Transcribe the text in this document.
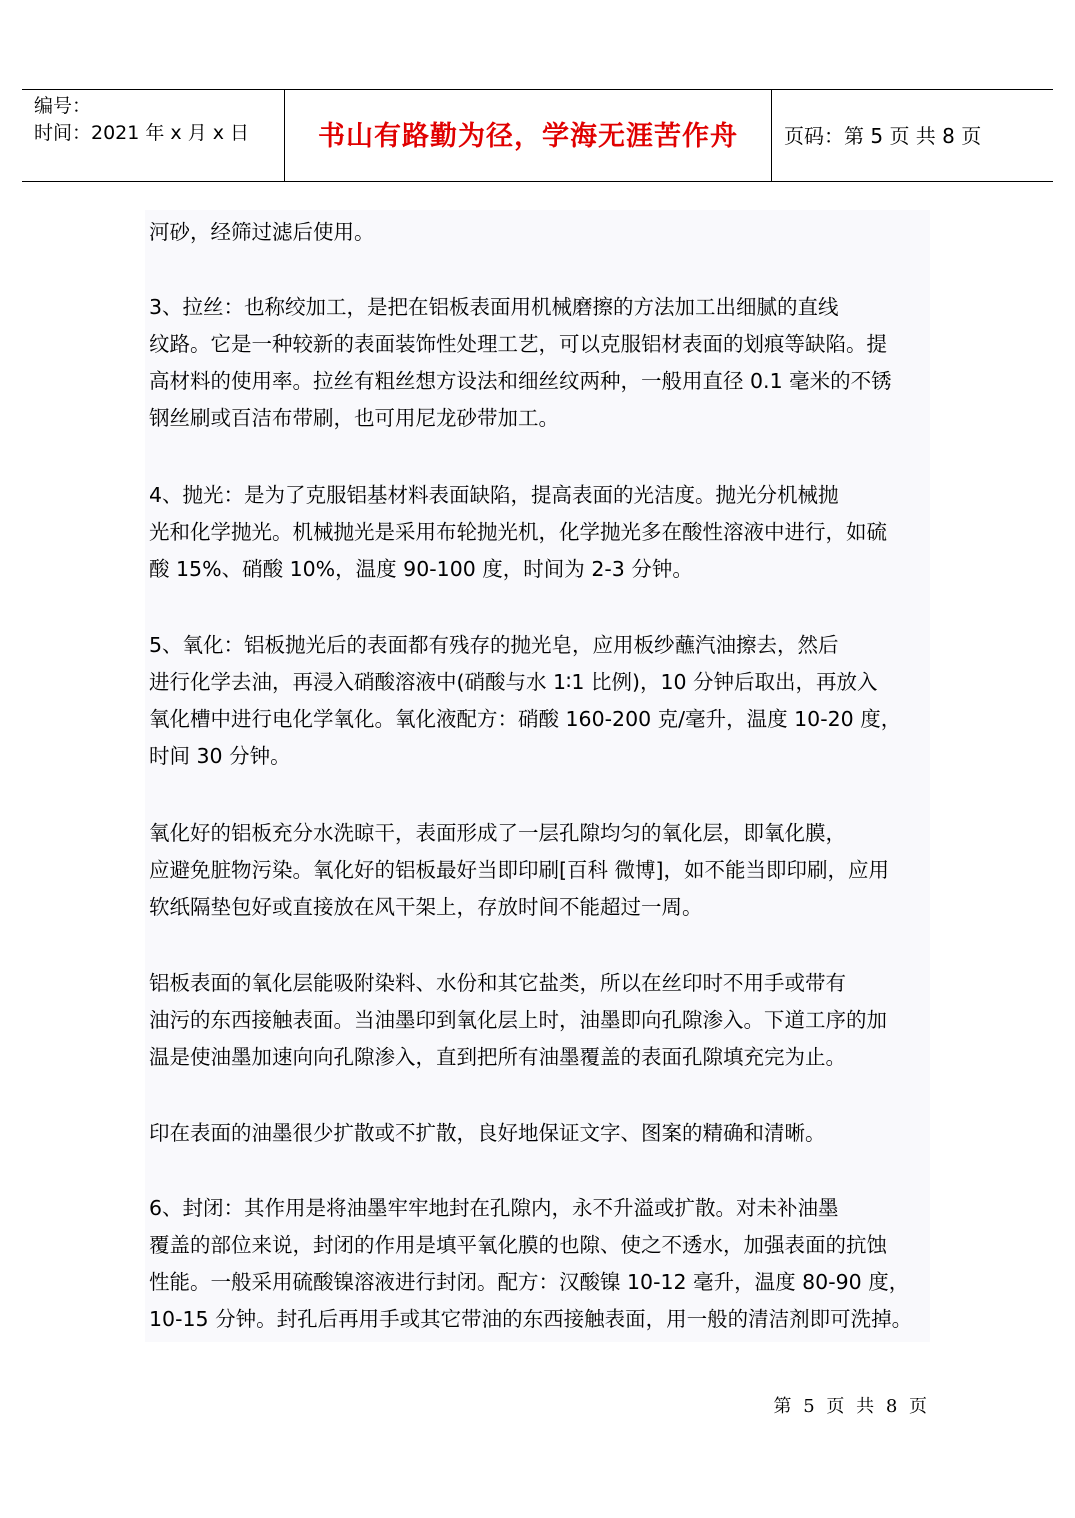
编号：
时间：2021 年 x 月 x 日	书山有路勤为径，学海无涯苦作舟	页码：第 5 页 共 8 页
河砂，经筛过滤后使用。
3、拉丝：也称绞加工，是把在铝板表面用机械磨擦的方法加工出细腻的直线
纹路。它是一种较新的表面装饰性处理工艺，可以克服铝材表面的划痕等缺陷。提
高材料的使用率。拉丝有粗丝想方设法和细丝纹两种，一般用直径 0.1 毫米的不锈
钢丝刷或百洁布带刷，也可用尼龙砂带加工。
4、抛光：是为了克服铝基材料表面缺陷，提高表面的光洁度。抛光分机械抛
光和化学抛光。机械抛光是采用布轮抛光机，化学抛光多在酸性溶液中进行，如硫
酸 15%、硝酸 10%，温度 90-100 度，时间为 2-3 分钟。
5、氧化：铝板抛光后的表面都有残存的抛光皂，应用板纱蘸汽油擦去，然后
进行化学去油，再浸入硝酸溶液中(硝酸与水 1∶1 比例)，10 分钟后取出，再放入
氧化槽中进行电化学氧化。氧化液配方：硝酸 160-200 克/毫升，温度 10-20 度，
时间 30 分钟。
氧化好的铝板充分水洗晾干，表面形成了一层孔隙均匀的氧化层，即氧化膜，
应避免脏物污染。氧化好的铝板最好当即印刷[百科 微博]，如不能当即印刷，应用
软纸隔垫包好或直接放在风干架上，存放时间不能超过一周。
铝板表面的氧化层能吸附染料、水份和其它盐类，所以在丝印时不用手或带有
油污的东西接触表面。当油墨印到氧化层上时，油墨即向孔隙渗入。下道工序的加
温是使油墨加速向向孔隙渗入，直到把所有油墨覆盖的表面孔隙填充完为止。
印在表面的油墨很少扩散或不扩散，良好地保证文字、图案的精确和清晰。
6、封闭：其作用是将油墨牢牢地封在孔隙内，永不升溢或扩散。对未补油墨
覆盖的部位来说，封闭的作用是填平氧化膜的也隙、使之不透水，加强表面的抗蚀
性能。一般采用硫酸镍溶液进行封闭。配方：汉酸镍 10-12 毫升，温度 80-90 度，
10-15 分钟。封孔后再用手或其它带油的东西接触表面，用一般的清洁剂即可洗掉。
第 5 页 共 8 页
